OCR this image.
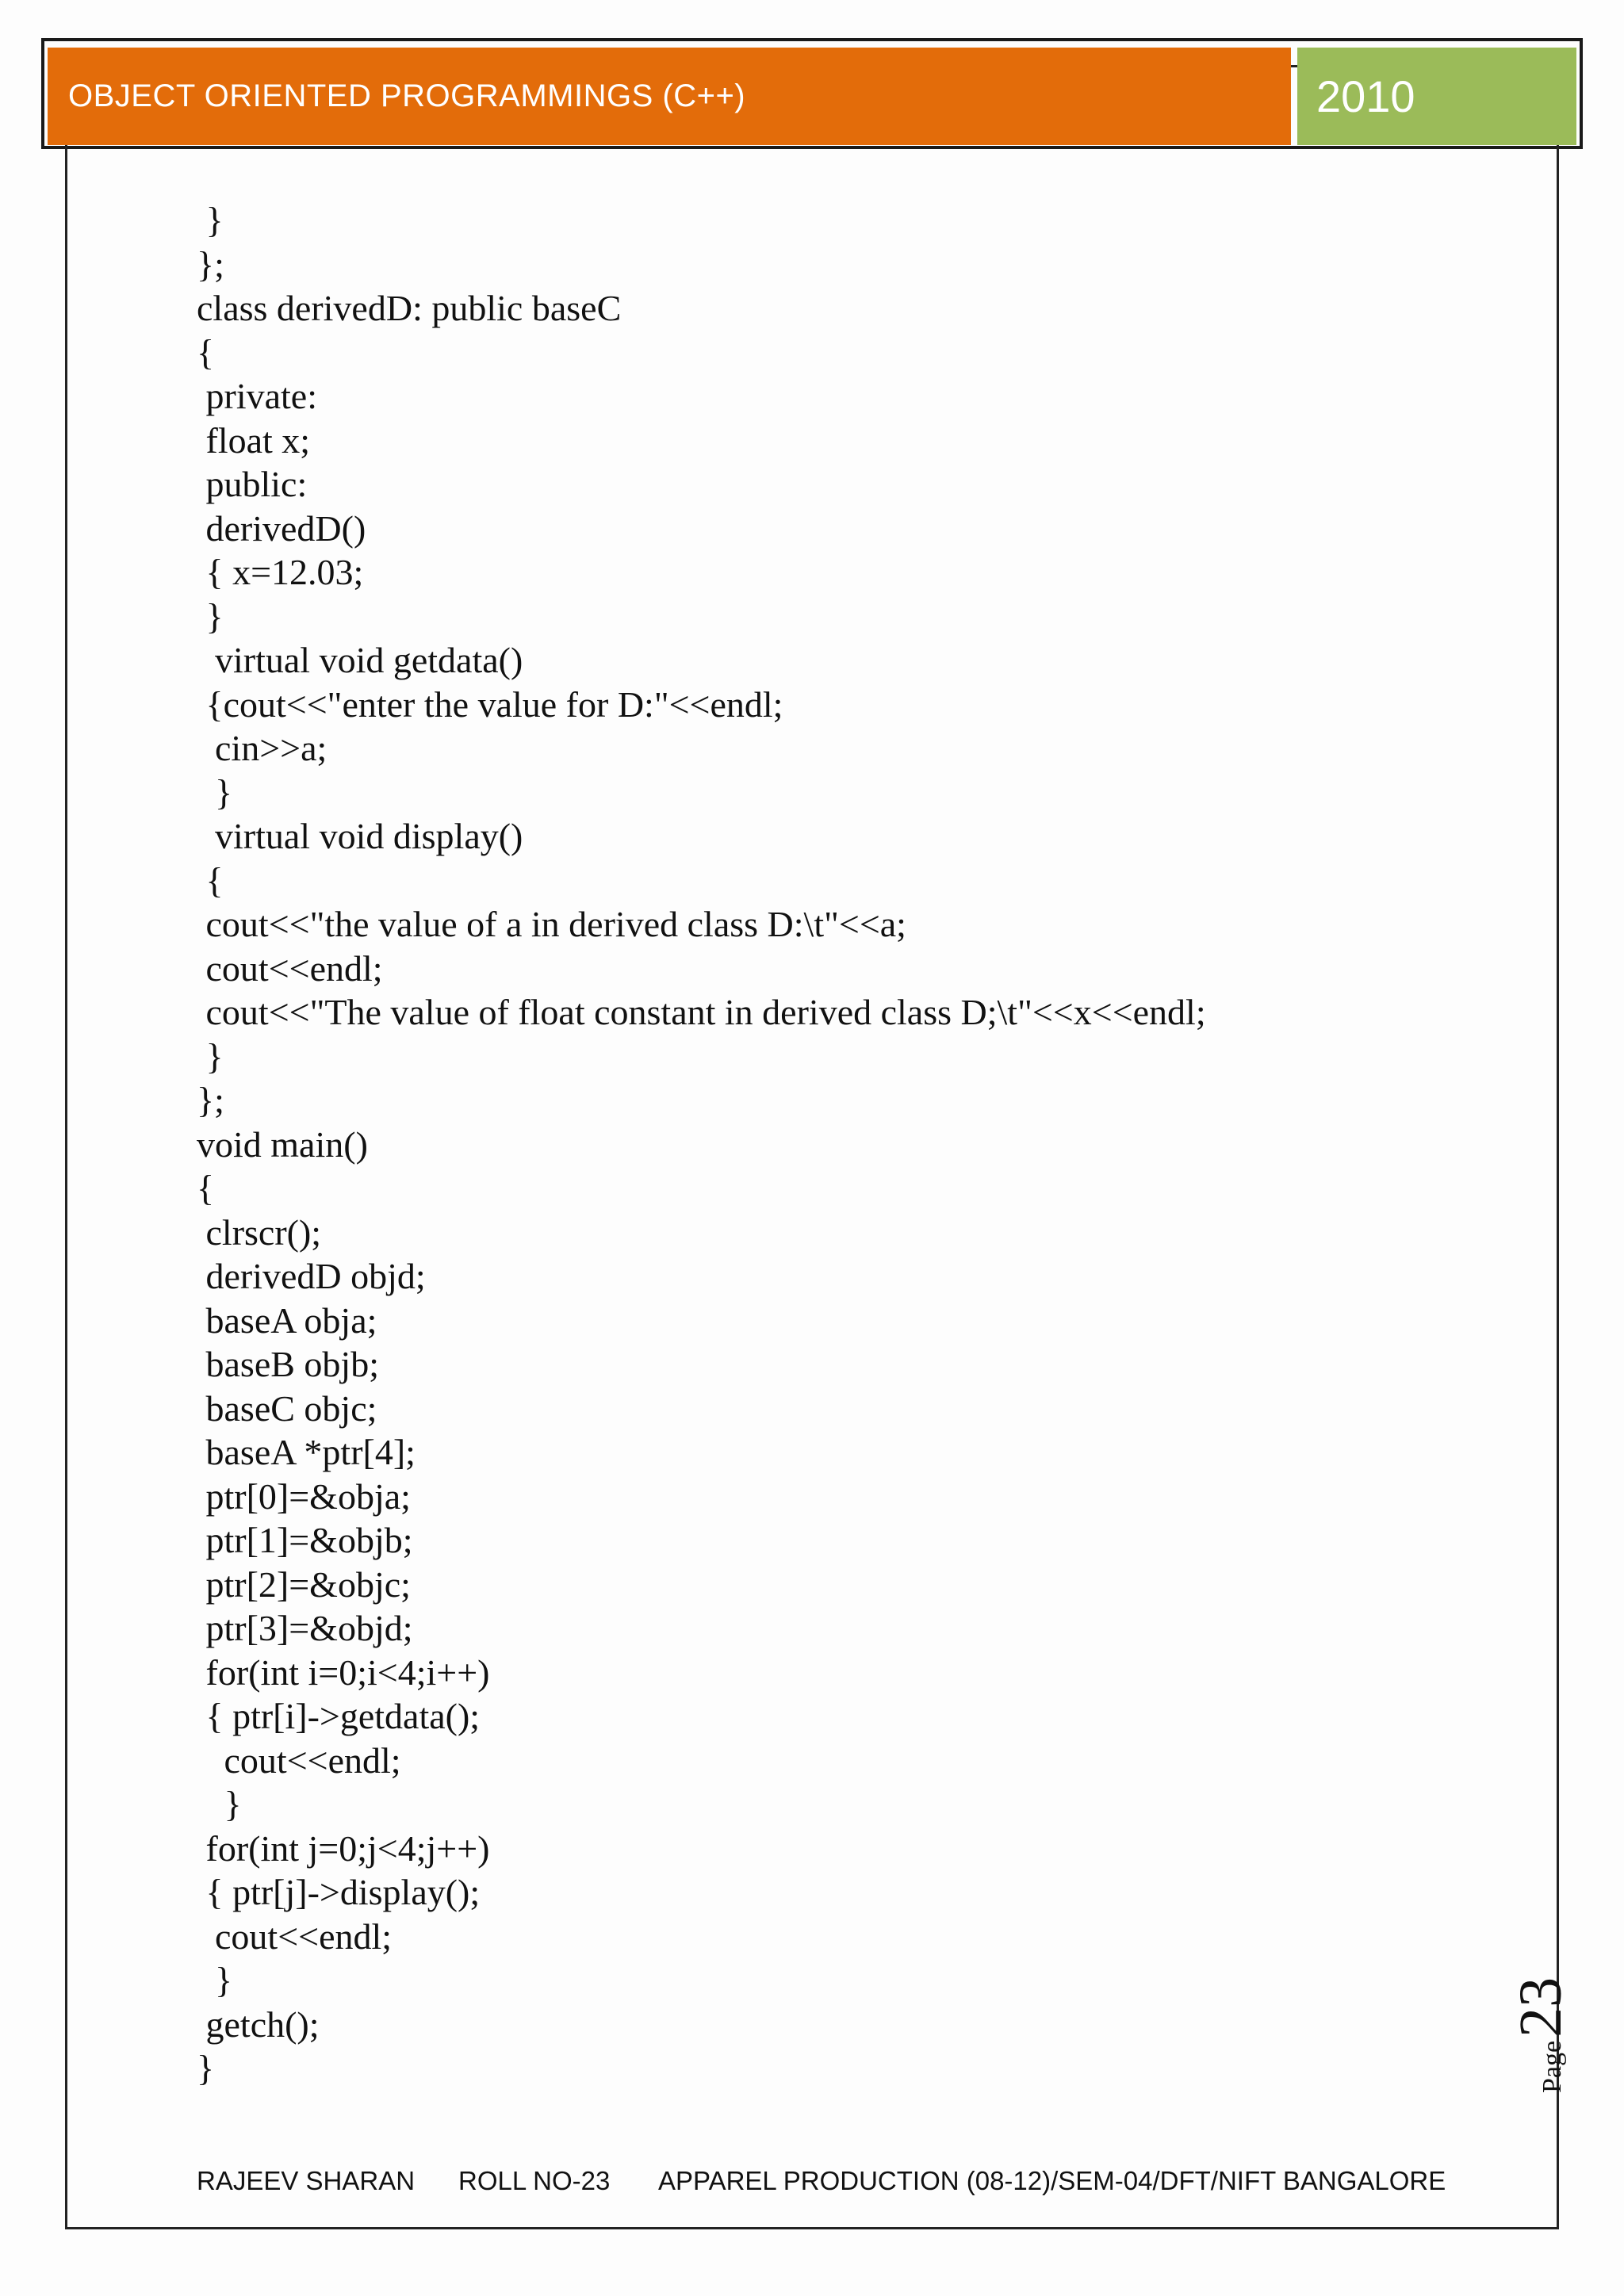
OBJECT ORIENTED PROGRAMMINGS (C++)	2010
}
};
class derivedD: public baseC
{
private:
float x;
public:
derivedD()
{ x=12.03;
}
virtual void getdata()
{cout<<"enter the value for D:"<<endl;
cin>>a;
}
virtual void display()
{
cout<<"the value of a in derived class D:\t"<<a;
cout<<endl;
cout<<"The value of float constant in derived class D;\t"<<x<<endl;
}
};
void main()
{
clrscr();
derivedD objd;
baseA obja;
baseB objb;
baseC objc;
baseA *ptr[4];
ptr[0]=&obja;
ptr[1]=&objb;
ptr[2]=&objc;
ptr[3]=&objd;
for(int i=0;i<4;i++)
{ ptr[i]->getdata();
cout<<endl;
}
for(int j=0;j<4;j++)
{ ptr[j]->display();
cout<<endl;
}
getch();
}	Page
23
RAJEEV SHARAN ROLL NO-23 APPAREL PRODUCTION (08-12)/SEM-04/DFT/NIFT BANGALORE
